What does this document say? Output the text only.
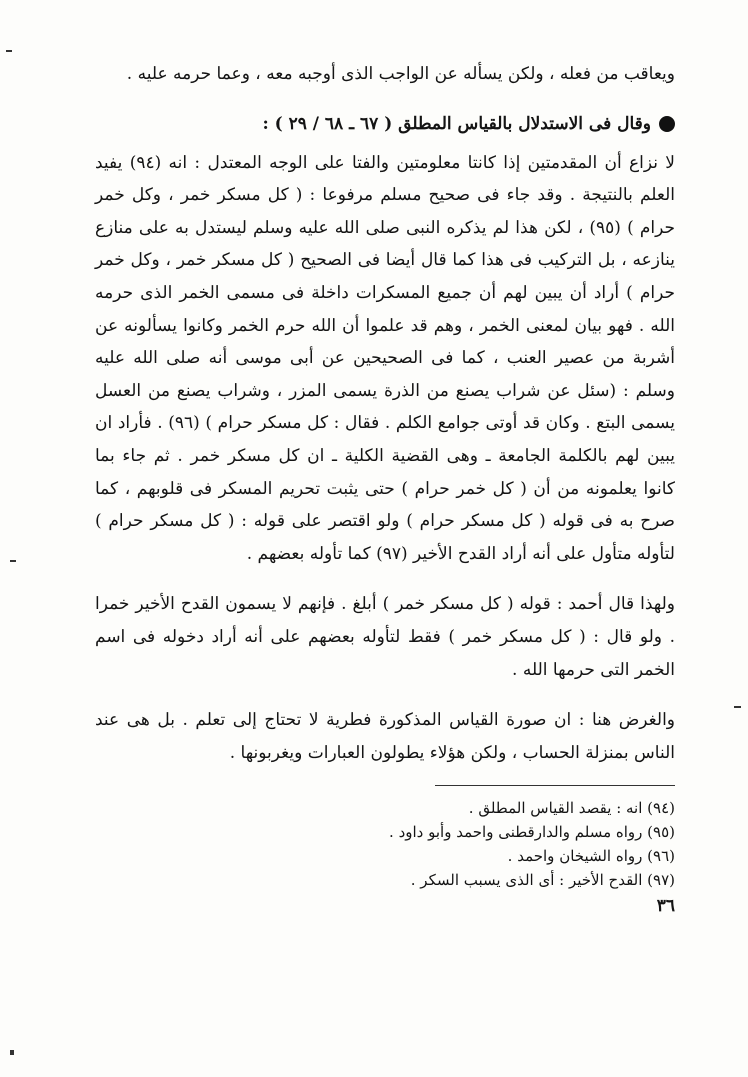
ويعاقب من فعله ، ولكن يسأله عن الواجب الذى أوجبه معه ، وعما حرمه عليه .

وقال فى الاستدلال بالقياس المطلق ( ٦٧ ـ ٦٨ / ٢٩ ) :

لا نزاع أن المقدمتين إذا كانتا معلومتين والفتا على الوجه المعتدل : انه (٩٤) يفيد العلم بالنتيجة . وقد جاء فى صحيح مسلم مرفوعا : ( كل مسكر خمر ، وكل خمر حرام ) (٩٥) ، لكن هذا لم يذكره النبى صلى الله عليه وسلم ليستدل به على منازع ينازعه ، بل التركيب فى هذا كما قال أيضا فى الصحيح ( كل مسكر خمر ، وكل خمر حرام ) أراد أن يبين لهم أن جميع المسكرات داخلة فى مسمى الخمر الذى حرمه الله . فهو بيان لمعنى الخمر ، وهم قد علموا أن الله حرم الخمر وكانوا يسألونه عن أشربة من عصير العنب ، كما فى الصحيحين عن أبى موسى أنه صلى الله عليه وسلم : (سئل عن شراب يصنع من الذرة يسمى المزر ، وشراب يصنع من العسل يسمى البتع . وكان قد أوتى جوامع الكلم . فقال : كل مسكر حرام ) (٩٦) . فأراد ان يبين لهم بالكلمة الجامعة ـ وهى القضية الكلية ـ ان كل مسكر خمر . ثم جاء بما كانوا يعلمونه من أن ( كل خمر حرام ) حتى يثبت تحريم المسكر فى قلوبهم ، كما صرح به فى قوله ( كل مسكر حرام ) ولو اقتصر على قوله : ( كل مسكر حرام ) لتأوله متأول على أنه أراد القدح الأخير (٩٧) كما تأوله بعضهم .

ولهذا قال أحمد : قوله ( كل مسكر خمر ) أبلغ . فإنهم لا يسمون القدح الأخير خمرا . ولو قال : ( كل مسكر خمر ) فقط لتأوله بعضهم على أنه أراد دخوله فى اسم الخمر التى حرمها الله .

والغرض هنا : ان صورة القياس المذكورة فطرية لا تحتاج إلى تعلم . بل هى عند الناس بمنزلة الحساب ، ولكن هؤلاء يطولون العبارات ويغربونها .

(٩٤) انه : يقصد القياس المطلق .

(٩٥) رواه مسلم والدارقطنى واحمد وأبو داود .

(٩٦) رواه الشيخان واحمد .

(٩٧) القدح الأخير : أى الذى يسبب السكر .

٣٦
